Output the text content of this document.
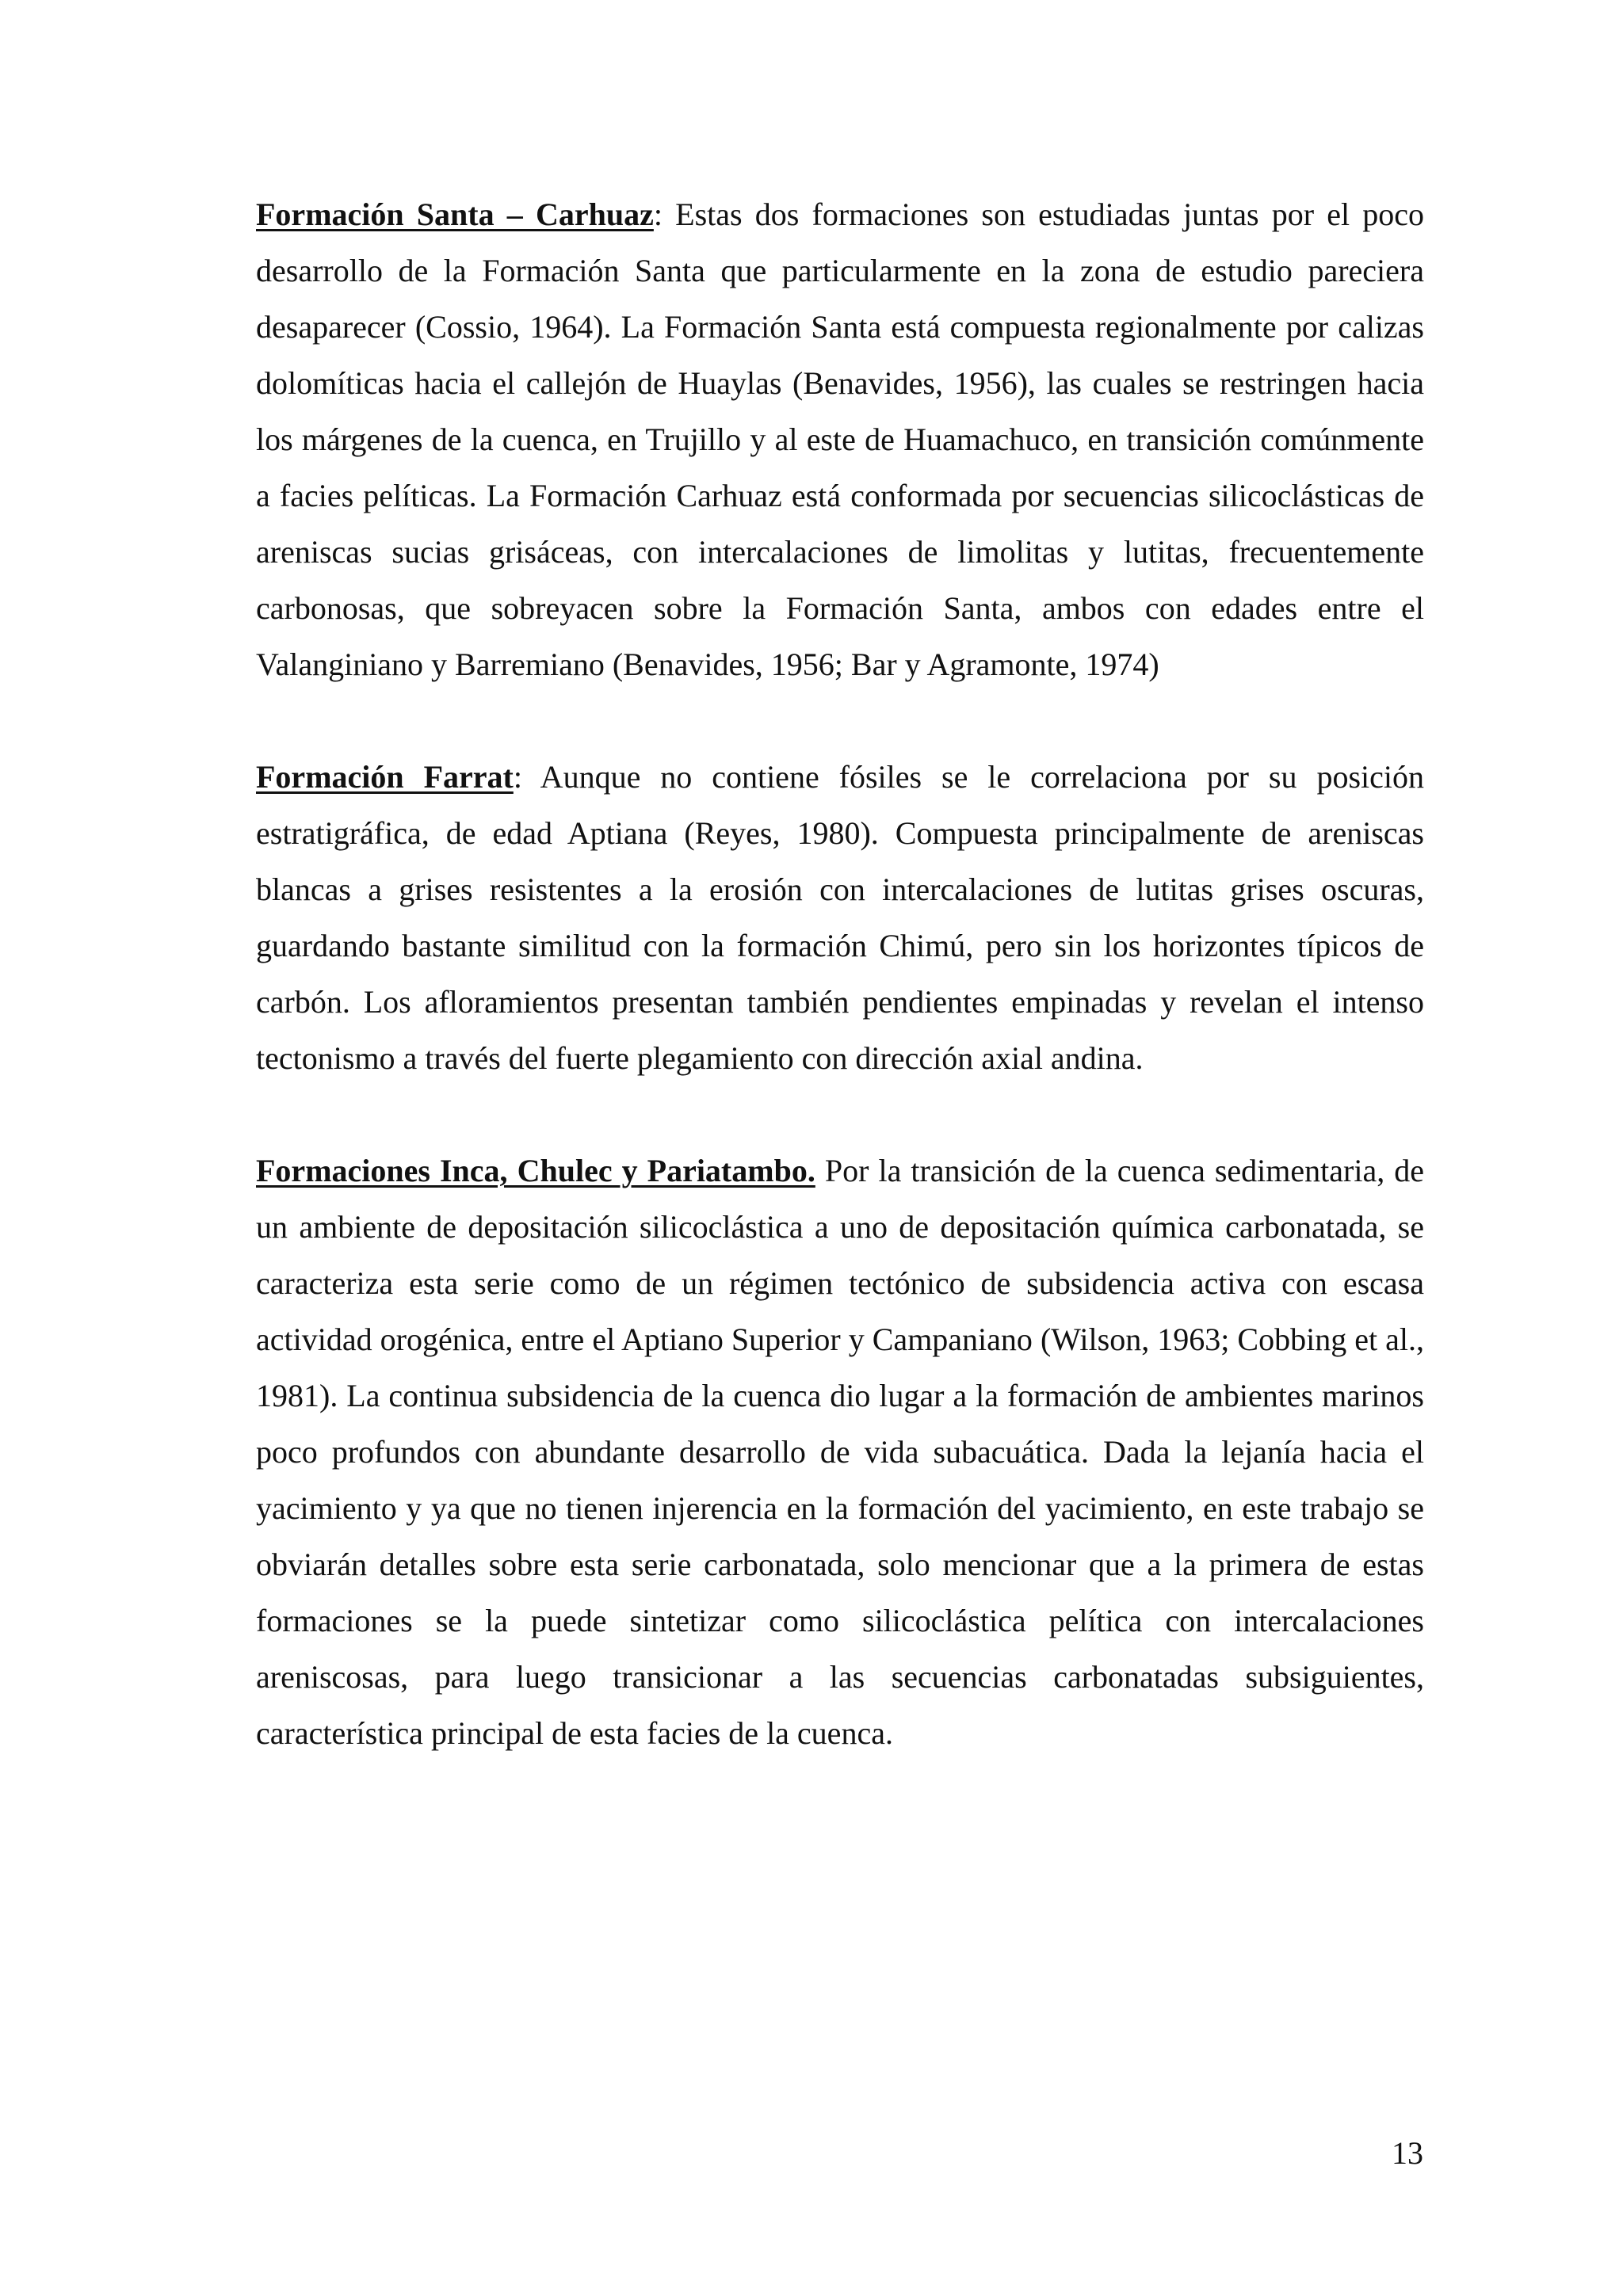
Formación Santa – Carhuaz: Estas dos formaciones son estudiadas juntas por el poco desarrollo de la Formación Santa que particularmente en la zona de estudio pareciera desaparecer (Cossio, 1964). La Formación Santa está compuesta regionalmente por calizas dolomíticas hacia el callejón de Huaylas (Benavides, 1956), las cuales se restringen hacia los márgenes de la cuenca, en Trujillo y al este de Huamachuco, en transición comúnmente a facies pelíticas. La Formación Carhuaz está conformada por secuencias silicoclásticas de areniscas sucias grisáceas, con intercalaciones de limolitas y lutitas, frecuentemente carbonosas, que sobreyacen sobre la Formación Santa, ambos con edades entre el Valanginiano y Barremiano (Benavides, 1956; Bar y Agramonte, 1974)

Formación Farrat: Aunque no contiene fósiles se le correlaciona por su posición estratigráfica, de edad Aptiana (Reyes, 1980). Compuesta principalmente de areniscas blancas a grises resistentes a la erosión con intercalaciones de lutitas grises oscuras, guardando bastante similitud con la formación Chimú, pero sin los horizontes típicos de carbón. Los afloramientos presentan también pendientes empinadas y revelan el intenso tectonismo a través del fuerte plegamiento con dirección axial andina.

Formaciones Inca, Chulec y Pariatambo. Por la transición de la cuenca sedimentaria, de un ambiente de depositación silicoclástica a uno de depositación química carbonatada, se caracteriza esta serie como de un régimen tectónico de subsidencia activa con escasa actividad orogénica, entre el Aptiano Superior y Campaniano (Wilson, 1963; Cobbing et al., 1981). La continua subsidencia de la cuenca dio lugar a la formación de ambientes marinos poco profundos con abundante desarrollo de vida subacuática. Dada la lejanía hacia el yacimiento y ya que no tienen injerencia en la formación del yacimiento, en este trabajo se obviarán detalles sobre esta serie carbonatada, solo mencionar que a la primera de estas formaciones se la puede sintetizar como silicoclástica pelítica con intercalaciones areniscosas, para luego transicionar a las secuencias carbonatadas subsiguientes, característica principal de esta facies de la cuenca.

13
